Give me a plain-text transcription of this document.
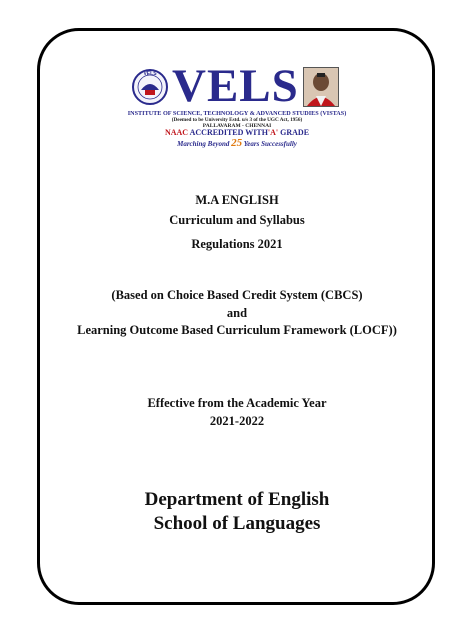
VELS VELS
INSTITUTE OF SCIENCE, TECHNOLOGY & ADVANCED STUDIES (VISTAS)
(Deemed to be University Estd. u/s 3 of the UGC Act, 1956)
PALLAVARAM - CHENNAI
NAAC ACCREDITED WITH'A' GRADE
Marching Beyond 25 Years Successfully
M.A ENGLISH
Curriculum and Syllabus
Regulations 2021
(Based on Choice Based Credit System (CBCS)
and
Learning Outcome Based Curriculum Framework (LOCF))
Effective from the Academic Year
2021-2022
Department of English
School of Languages
